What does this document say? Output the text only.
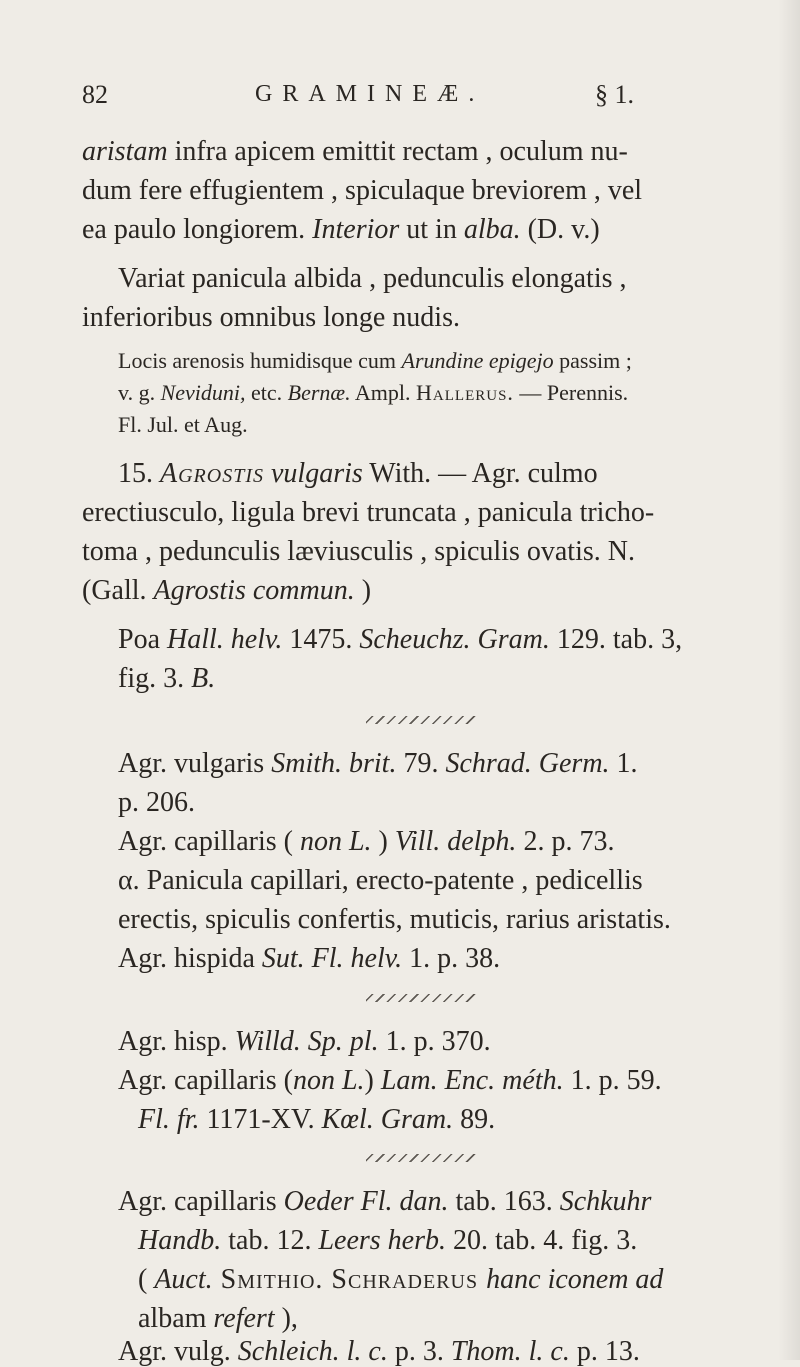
82	GRAMINEÆ.	§ 1.
aristam infra apicem emittit rectam , oculum nu-
dum fere effugientem , spiculaque breviorem , vel
ea paulo longiorem. Interior ut in alba. (D. v.)
Variat panicula albida , pedunculis elongatis ,
inferioribus omnibus longe nudis.
Locis arenosis humidisque cum Arundine epigejo passim ;
v. g. Neviduni, etc. Bernæ. Ampl. Hallerus. — Perennis.
Fl. Jul. et Aug.
15. Agrostis vulgaris With. — Agr. culmo
erectiusculo, ligula brevi truncata , panicula tricho-
toma , pedunculis læviusculis , spiculis ovatis. N.
(Gall. Agrostis commun. )
Poa Hall. helv. 1475. Scheuchz. Gram. 129. tab. 3,
fig. 3. B.
Agr. vulgaris Smith. brit. 79. Schrad. Germ. 1.
p. 206.
Agr. capillaris ( non L. ) Vill. delph. 2. p. 73.
α. Panicula capillari, erecto-patente , pedicellis
erectis, spiculis confertis, muticis, rarius aristatis.
Agr. hispida Sut. Fl. helv. 1. p. 38.
Agr. hisp. Willd. Sp. pl. 1. p. 370.
Agr. capillaris (non L.) Lam. Enc. méth. 1. p. 59.
Fl. fr. 1171-XV. Kœl. Gram. 89.
Agr. capillaris Oeder Fl. dan. tab. 163. Schkuhr
Handb. tab. 12. Leers herb. 20. tab. 4. fig. 3.
( Auct. Smithio. Schraderus hanc iconem ad
albam refert ),
Agr. vulg. Schleich. l. c. p. 3. Thom. l. c. p. 13.
